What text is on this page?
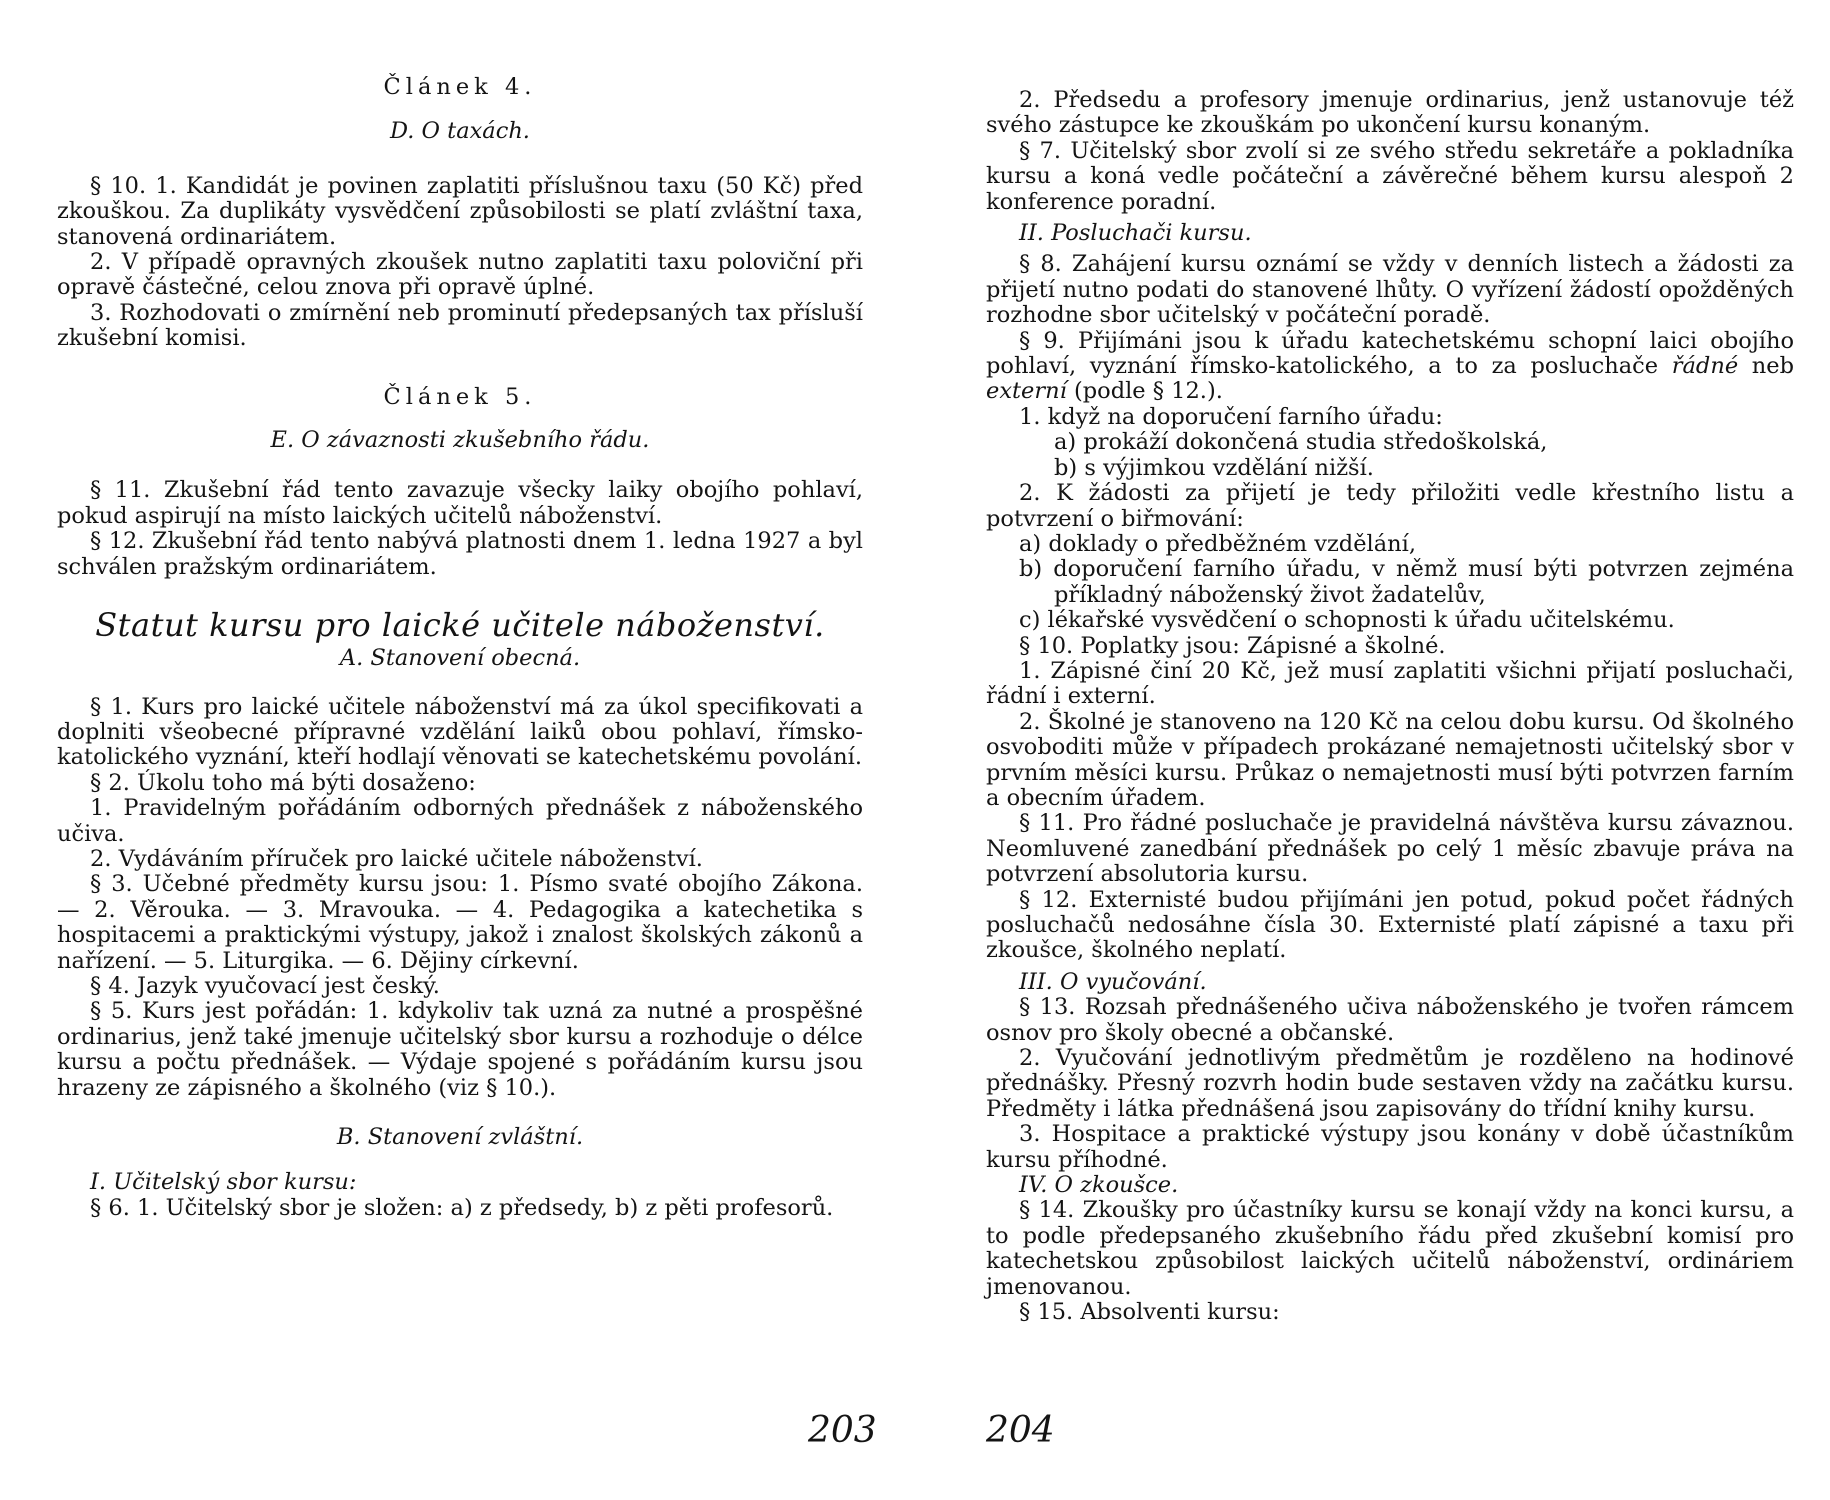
Článek 4.

D. O taxách.

§ 10. 1. Kandidát je povinen zaplatiti příslušnou taxu (50 Kč) před zkouškou. Za duplikáty vysvědčení způsobilosti se platí zvláštní taxa, stanovená ordinariátem.

2. V případě opravných zkoušek nutno zaplatiti taxu poloviční při opravě částečné, celou znova při opravě úplné.

3. Rozhodovati o zmírnění neb prominutí předepsaných tax přísluší zkušební komisi.

Článek 5.

E. O závaznosti zkušebního řádu.

§ 11. Zkušební řád tento zavazuje všecky laiky obojího pohlaví, pokud aspirují na místo laických učitelů náboženství.

§ 12. Zkušební řád tento nabývá platnosti dnem 1. ledna 1927 a byl schválen pražským ordinariátem.

Statut kursu pro laické učitele náboženství.

A. Stanovení obecná.

§ 1. Kurs pro laické učitele náboženství má za úkol specifikovati a doplniti všeobecné přípravné vzdělání laiků obou pohlaví, římsko-katolického vyznání, kteří hodlají věnovati se katechetskému povolání.

§ 2. Úkolu toho má býti dosaženo:

1. Pravidelným pořádáním odborných přednášek z náboženského učiva.

2. Vydáváním příruček pro laické učitele náboženství.

§ 3. Učebné předměty kursu jsou: 1. Písmo svaté obojího Zákona. — 2. Věrouka. — 3. Mravouka. — 4. Pedagogika a katechetika s hospitacemi a praktickými výstupy, jakož i znalost školských zákonů a nařízení. — 5. Liturgika. — 6. Dějiny církevní.

§ 4. Jazyk vyučovací jest český.

§ 5. Kurs jest pořádán: 1. kdykoliv tak uzná za nutné a prospěšné ordinarius, jenž také jmenuje učitelský sbor kursu a rozhoduje o délce kursu a počtu přednášek. — Výdaje spojené s pořádáním kursu jsou hrazeny ze zápisného a školného (viz § 10.).

B. Stanovení zvláštní.

I. Učitelský sbor kursu:

§ 6. 1. Učitelský sbor je složen: a) z předsedy, b) z pěti profesorů.

203

2. Předsedu a profesory jmenuje ordinarius, jenž ustanovuje též svého zástupce ke zkouškám po ukončení kursu konaným.

§ 7. Učitelský sbor zvolí si ze svého středu sekretáře a pokladníka kursu a koná vedle počáteční a závěrečné během kursu alespoň 2 konference poradní.

II. Posluchači kursu.

§ 8. Zahájení kursu oznámí se vždy v denních listech a žádosti za přijetí nutno podati do stanovené lhůty. O vyřízení žádostí opožděných rozhodne sbor učitelský v počáteční poradě.

§ 9. Přijímáni jsou k úřadu katechetskému schopní laici obojího pohlaví, vyznání římsko-katolického, a to za posluchače řádné neb externí (podle § 12.).

1. když na doporučení farního úřadu:

a) prokáží dokončená studia středoškolská,

b) s výjimkou vzdělání nižší.

2. K žádosti za přijetí je tedy přiložiti vedle křestního listu a potvrzení o biřmování:

a) doklady o předběžném vzdělání,

b) doporučení farního úřadu, v němž musí býti potvrzen zejména příkladný náboženský život žadatelův,

c) lékařské vysvědčení o schopnosti k úřadu učitelskému.

§ 10. Poplatky jsou: Zápisné a školné.

1. Zápisné činí 20 Kč, jež musí zaplatiti všichni přijatí posluchači, řádní i externí.

2. Školné je stanoveno na 120 Kč na celou dobu kursu. Od školného osvoboditi může v případech prokázané nemajetnosti učitelský sbor v prvním měsíci kursu. Průkaz o nemajetnosti musí býti potvrzen farním a obecním úřadem.

§ 11. Pro řádné posluchače je pravidelná návštěva kursu závaznou. Neomluvené zanedbání přednášek po celý 1 měsíc zbavuje práva na potvrzení absolutoria kursu.

§ 12. Externisté budou přijímáni jen potud, pokud počet řádných posluchačů nedosáhne čísla 30. Externisté platí zápisné a taxu při zkoušce, školného neplatí.

III. O vyučování.

§ 13. Rozsah přednášeného učiva náboženského je tvořen rámcem osnov pro školy obecné a občanské.

2. Vyučování jednotlivým předmětům je rozděleno na hodinové přednášky. Přesný rozvrh hodin bude sestaven vždy na začátku kursu. Předměty i látka přednášená jsou zapisovány do třídní knihy kursu.

3. Hospitace a praktické výstupy jsou konány v době účastníkům kursu příhodné.

IV. O zkoušce.

§ 14. Zkoušky pro účastníky kursu se konají vždy na konci kursu, a to podle předepsaného zkušebního řádu před zkušební komisí pro katechetskou způsobilost laických učitelů náboženství, ordináriem jmenovanou.

§ 15. Absolventi kursu:

204
